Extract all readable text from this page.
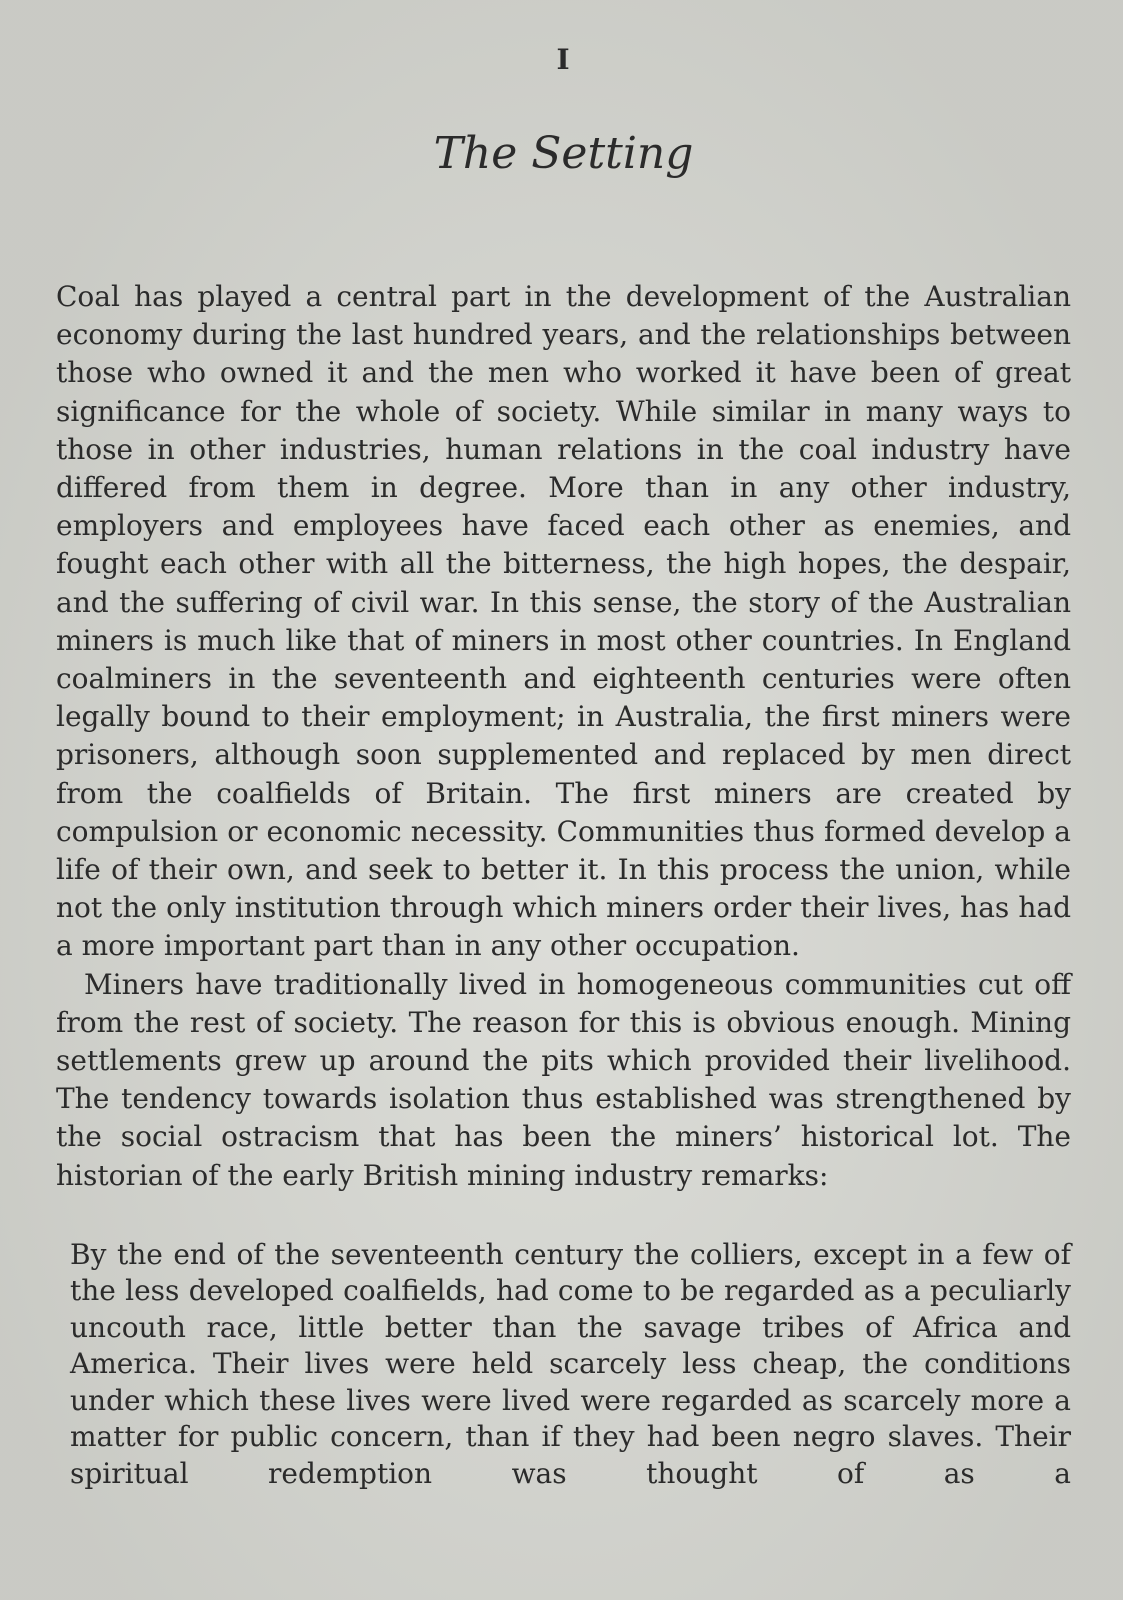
I
The Setting

Coal has played a central part in the development of the Australian economy during the last hundred years, and the relationships between those who owned it and the men who worked it have been of great significance for the whole of society. While similar in many ways to those in other industries, human relations in the coal industry have differed from them in degree. More than in any other industry, employers and employees have faced each other as enemies, and fought each other with all the bitterness, the high hopes, the despair, and the suffering of civil war. In this sense, the story of the Australian miners is much like that of miners in most other countries. In England coalminers in the seventeenth and eighteenth centuries were often legally bound to their employment; in Australia, the first miners were prisoners, although soon supplemented and replaced by men direct from the coalfields of Britain. The first miners are created by compulsion or economic necessity. Communities thus formed develop a life of their own, and seek to better it. In this process the union, while not the only institution through which miners order their lives, has had a more important part than in any other occupation.

Miners have traditionally lived in homogeneous communities cut off from the rest of society. The reason for this is obvious enough. Mining settlements grew up around the pits which provided their livelihood. The tendency towards isolation thus established was strengthened by the social ostracism that has been the miners’ historical lot. The historian of the early British mining industry remarks:

By the end of the seventeenth century the colliers, except in a few of the less developed coalfields, had come to be regarded as a peculiarly uncouth race, little better than the savage tribes of Africa and America. Their lives were held scarcely less cheap, the conditions under which these lives were lived were regarded as scarcely more a matter for public concern, than if they had been negro slaves. Their spiritual redemption was thought of as a
